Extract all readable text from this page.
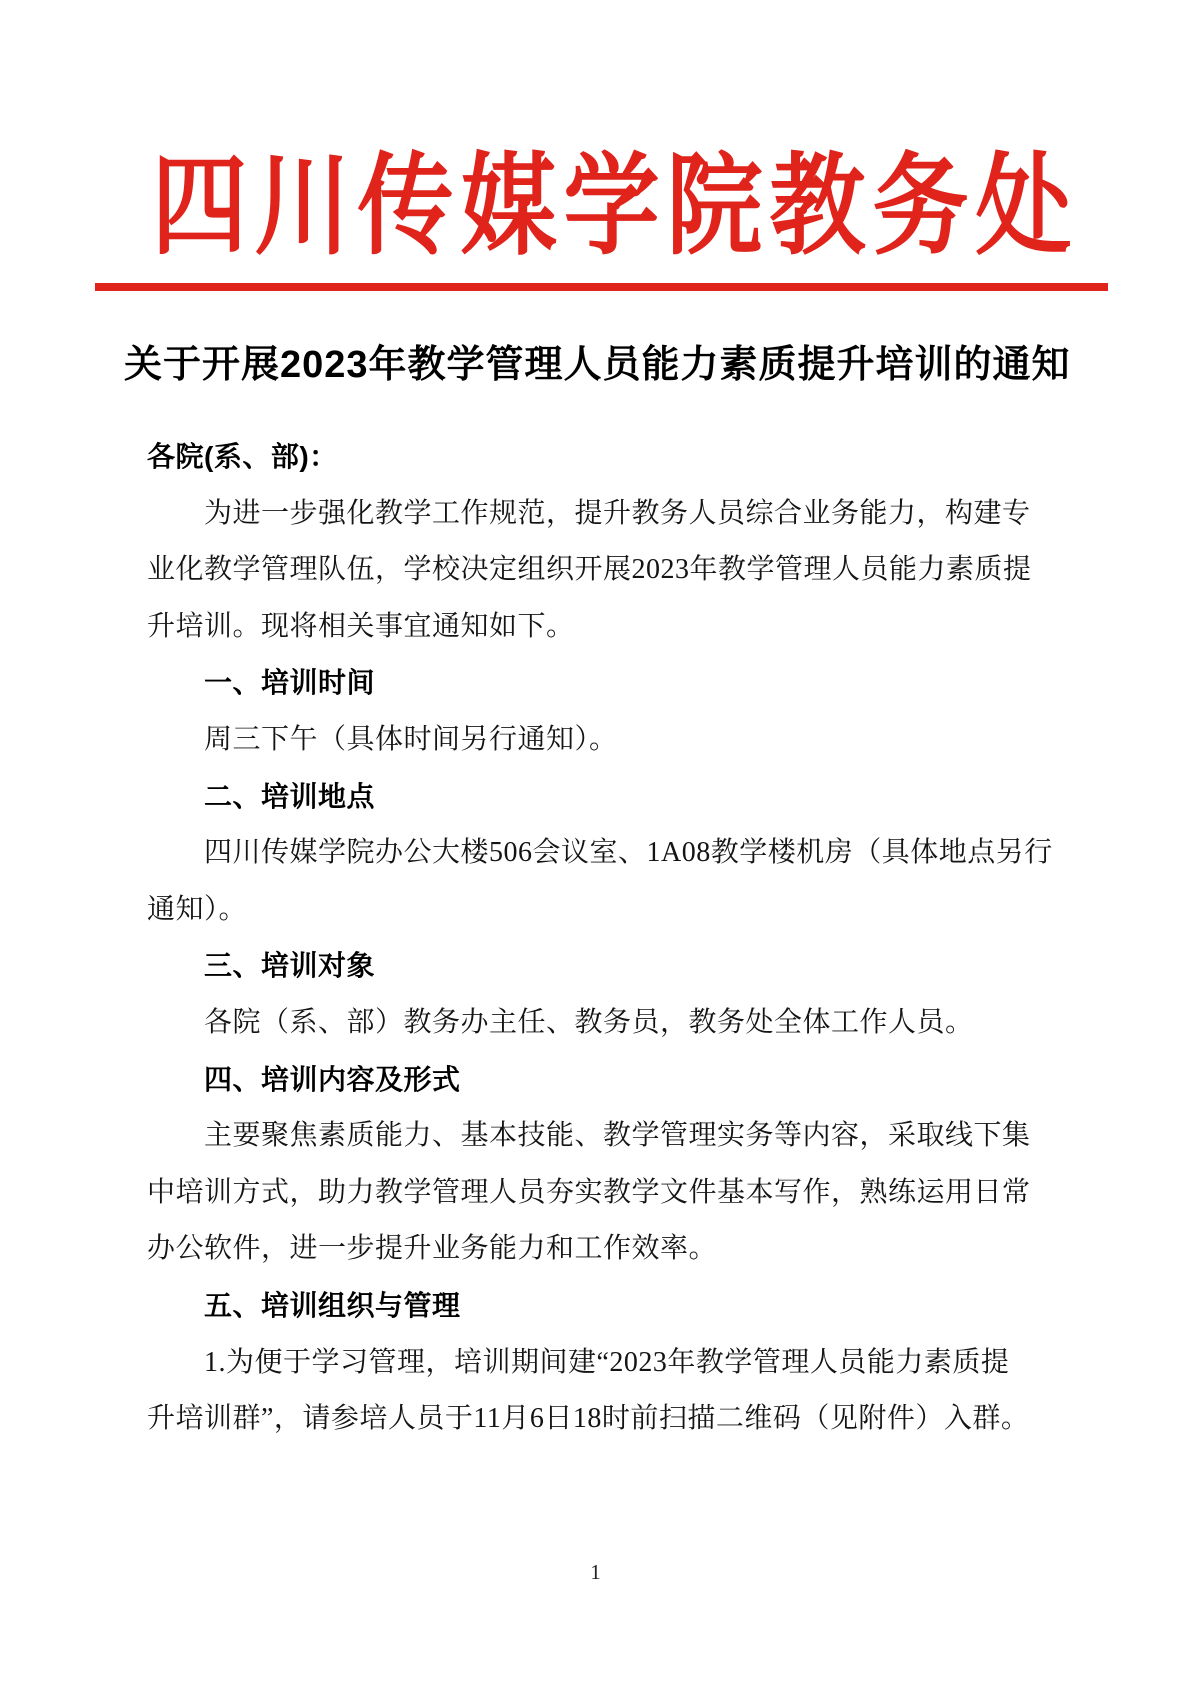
四川传媒学院教务处
关于开展2023年教学管理人员能力素质提升培训的通知
各院(系、部)：
为进一步强化教学工作规范，提升教务人员综合业务能力，构建专
业化教学管理队伍，学校决定组织开展2023年教学管理人员能力素质提
升培训。现将相关事宜通知如下。
一、培训时间
周三下午（具体时间另行通知）。
二、培训地点
四川传媒学院办公大楼506会议室、1A08教学楼机房（具体地点另行
通知）。
三、培训对象
各院（系、部）教务办主任、教务员，教务处全体工作人员。
四、培训内容及形式
主要聚焦素质能力、基本技能、教学管理实务等内容，采取线下集
中培训方式，助力教学管理人员夯实教学文件基本写作，熟练运用日常
办公软件，进一步提升业务能力和工作效率。
五、培训组织与管理
1.为便于学习管理，培训期间建“2023年教学管理人员能力素质提
升培训群”，请参培人员于11月6日18时前扫描二维码（见附件）入群。
1
